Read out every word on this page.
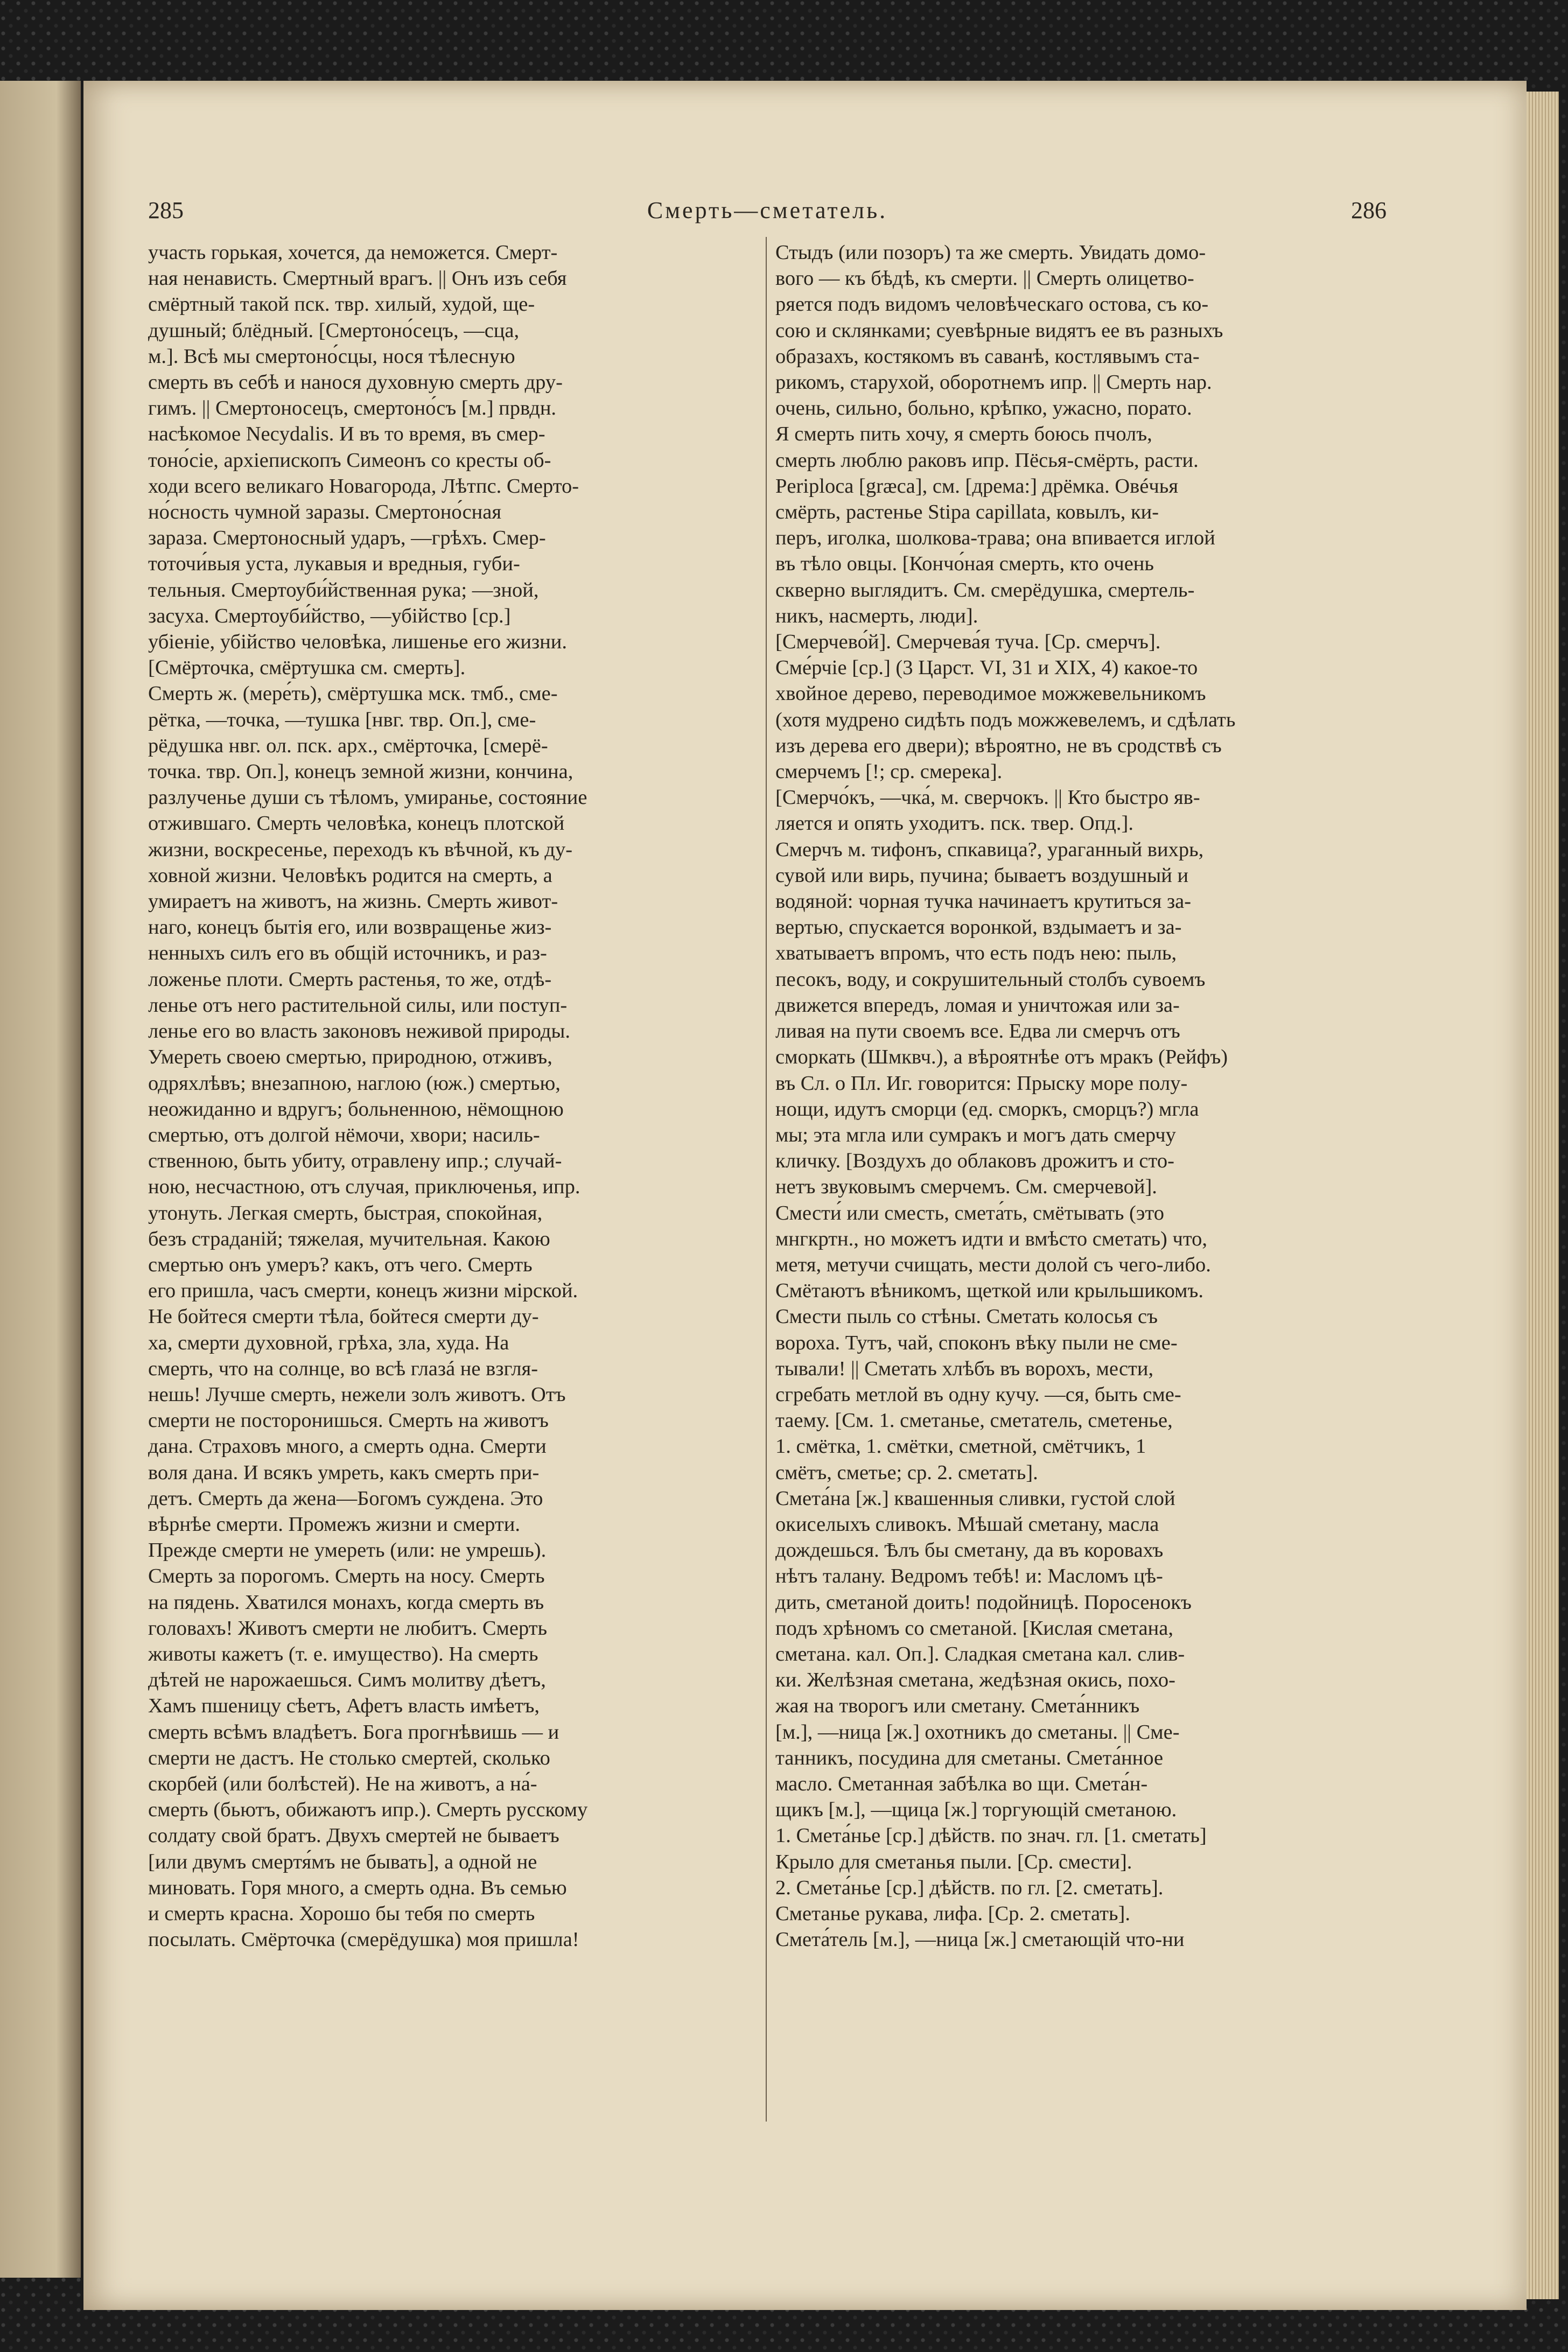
285	Смерть—сметатель.	286
участь горькая, хочется, да неможется. Смерт-
ная ненависть. Смертный врагъ. || Онъ изъ себя
смёртный такой пск. твр. хилый, худой, ще-
душный; блёдный. [Смертоно́сецъ, —сца,
м.]. Всѣ мы смертоно́сцы, нося тѣлесную
смерть въ себѣ и нанося духовную смерть дру-
гимъ. || Смертоносецъ, смертоно́съ [м.] првдн.
насѣкомое Necydalis. И въ то время, въ смер-
тоно́сіе, архіепископъ Симеонъ со кресты об-
ходи всего великаго Новагорода, Лѣтпс. Смерто-
но́сность чумной заразы. Смертоно́сная
зараза. Смертоносный ударъ, —грѣхъ. Смер-
тоточи́выя уста, лукавыя и вредныя, губи-
тельныя. Смертоуби́йственная рука; —зной,
засуха. Смертоуби́йство, —убійство [ср.]
убіеніе, убійство человѣка, лишенье его жизни.
[Смёрточка, смёртушка см. смерть].
Смерть ж. (мере́ть), смёртушка мск. тмб., сме-
рётка, —точка, —тушка [нвг. твр. Оп.], сме-
рёдушка нвг. ол. пск. арх., смёрточка, [смерё-
точка. твр. Оп.], конецъ земной жизни, кончина,
разлученье души съ тѣломъ, умиранье, состояние
отжившаго. Смерть человѣка, конецъ плотской
жизни, воскресенье, переходъ къ вѣчной, къ ду-
ховной жизни. Человѣкъ родится на смерть, а
умираетъ на животъ, на жизнь. Смерть живот-
наго, конецъ бытія его, или возвращенье жиз-
ненныхъ силъ его въ общій источникъ, и раз-
ложенье плоти. Смерть растенья, то же, отдѣ-
ленье отъ него растительной силы, или поступ-
ленье его во власть законовъ неживой природы.
Умереть своею смертью, природною, отживъ,
одряхлѣвъ; внезапною, наглою (юж.) смертью,
неожиданно и вдругъ; больненною, нёмощною
смертью, отъ долгой нёмочи, хвори; насиль-
ственною, быть убиту, отравлену ипр.; случай-
ною, несчастною, отъ случая, приключенья, ипр.
утонуть. Легкая смерть, быстрая, спокойная,
безъ страданій; тяжелая, мучительная. Какою
смертью онъ умеръ? какъ, отъ чего. Смерть
его пришла, часъ смерти, конецъ жизни мірской.
Не бойтеся смерти тѣла, бойтеся смерти ду-
ха, смерти духовной, грѣха, зла, худа. На
смерть, что на солнце, во всѣ глазá не взгля-
нешь! Лучше смерть, нежели золъ животъ. Отъ
смерти не посторонишься. Смерть на животъ
дана. Страховъ много, а смерть одна. Смерти
воля дана. И всякъ умреть, какъ смерть при-
детъ. Смерть да жена—Богомъ суждена. Это
вѣрнѣе смерти. Промежъ жизни и смерти.
Прежде смерти не умереть (или: не умрешь).
Смерть за порогомъ. Смерть на носу. Смерть
на пядень. Хватился монахъ, когда смерть въ
головахъ! Животъ смерти не любитъ. Смерть
животы кажетъ (т. е. имущество). На смерть
дѣтей не нарожаешься. Симъ молитву дѣетъ,
Хамъ пшеницу сѣетъ, Афетъ власть имѣетъ,
смерть всѣмъ владѣетъ. Бога прогнѣвишь — и
смерти не дастъ. Не столько смертей, сколько
скорбей (или болѣстей). Не на животъ, а на́-
смерть (бьютъ, обижаютъ ипр.). Смерть русскому
солдату свой братъ. Двухъ смертей не бываетъ
[или двумъ смертя́мъ не бывать], а одной не
миновать. Горя много, а смерть одна. Въ семью
и смерть красна. Хорошо бы тебя по смерть
посылать. Смёрточка (смерёдушка) моя пришла!
Стыдъ (или позоръ) та же смерть. Увидать домо-
вого — къ бѣдѣ, къ смерти. || Смерть олицетво-
ряется подъ видомъ человѣческаго остова, съ ко-
сою и склянками; суевѣрные видятъ ее въ разныхъ
образахъ, костякомъ въ саванѣ, костлявымъ ста-
рикомъ, старухой, оборотнемъ ипр. || Смерть нар.
очень, сильно, больно, крѣпко, ужасно, порато.
Я смерть пить хочу, я смерть боюсь пчолъ,
смерть люблю раковъ ипр. Пёсья-смёрть, расти.
Periploca [græca], см. [дрема:] дрёмка. Овéчья
смёрть, растенье Stipa capillata, ковылъ, ки-
перъ, иголка, шолкова-трава; она впивается иглой
въ тѣло овцы. [Кончо́ная смерть, кто очень
скверно выглядитъ. См. смерёдушка, смертель-
никъ, насмерть, люди].
[Смерчево́й]. Смерчева́я туча. [Ср. смерчъ].
Сме́рчіе [ср.] (3 Царст. VI, 31 и XIX, 4) какое-то
хвойное дерево, переводимое можжевельникомъ
(хотя мудрено сидѣть подъ можжевелемъ, и сдѣлать
изъ дерева его двери); вѣроятно, не въ сродствѣ съ
смерчемъ [!; ср. смерека].
[Смерчо́къ, —чка́, м. сверчокъ. || Кто быстро яв-
ляется и опять уходитъ. пск. твер. Опд.].
Смерчъ м. тифонъ, спкавица?, ураганный вихрь,
сувой или вирь, пучина; бываетъ воздушный и
водяной: чорная тучка начинаетъ крутиться за-
вертью, спускается воронкой, вздымаетъ и за-
хватываетъ впромъ, что есть подъ нею: пыль,
песокъ, воду, и сокрушительный столбъ сувоемъ
движется впередъ, ломая и уничтожая или за-
ливая на пути своемъ все. Едва ли смерчъ отъ
сморкать (Шмквч.), а вѣроятнѣе отъ мракъ (Рейфъ)
въ Сл. о Пл. Иг. говорится: Прыску море полу-
нощи, идутъ сморци (ед. сморкъ, сморцъ?) мгла
мы; эта мгла или сумракъ и могъ дать смерчу
кличку. [Воздухъ до облаковъ дрожитъ и сто-
нетъ звуковымъ смерчемъ. См. смерчевой].
Смести́ или сместь, смета́ть, смётывать (это
мнгкртн., но можетъ идти и вмѣсто сметать) что,
метя, метучи счищать, мести долой съ чего-либо.
Смётаютъ вѣникомъ, щеткой или крыльшикомъ.
Смести пыль со стѣны. Сметать колосья съ
вороха. Тутъ, чай, споконъ вѣку пыли не сме-
тывали! || Сметать хлѣбъ въ ворохъ, мести,
сгребать метлой въ одну кучу. —ся, быть сме-
таему. [См. 1. сметанье, сметатель, сметенье,
1. смётка, 1. смётки, сметной, смётчикъ, 1
смётъ, сметье; ср. 2. сметать].
Смета́на [ж.] квашенныя сливки, густой слой
окиселыхъ сливокъ. Мѣшай сметану, масла
дождешься. Ѣлъ бы сметану, да въ коровахъ
нѣтъ талану. Ведромъ тебѣ! и: Масломъ цѣ-
дить, сметаной доить! подойницѣ. Поросенокъ
подъ хрѣномъ со сметаной. [Кислая сметана,
сметана. кал. Оп.]. Сладкая сметана кал. слив-
ки. Желѣзная сметана, жедѣзная окись, похо-
жая на творогъ или сметану. Смета́нникъ
[м.], —ница [ж.] охотникъ до сметаны. || Сме-
танникъ, посудина для сметаны. Смета́нное
масло. Сметанная забѣлка во щи. Смета́н-
щикъ [м.], —щица [ж.] торгующій сметаною.
1. Смета́нье [ср.] дѣйств. по знач. гл. [1. сметать]
Крыло для сметанья пыли. [Ср. смести].
2. Смета́нье [ср.] дѣйств. по гл. [2. сметать].
Сметанье рукава, лифа. [Ср. 2. сметать].
Смета́тель [м.], —ница [ж.] сметающій что-ни
